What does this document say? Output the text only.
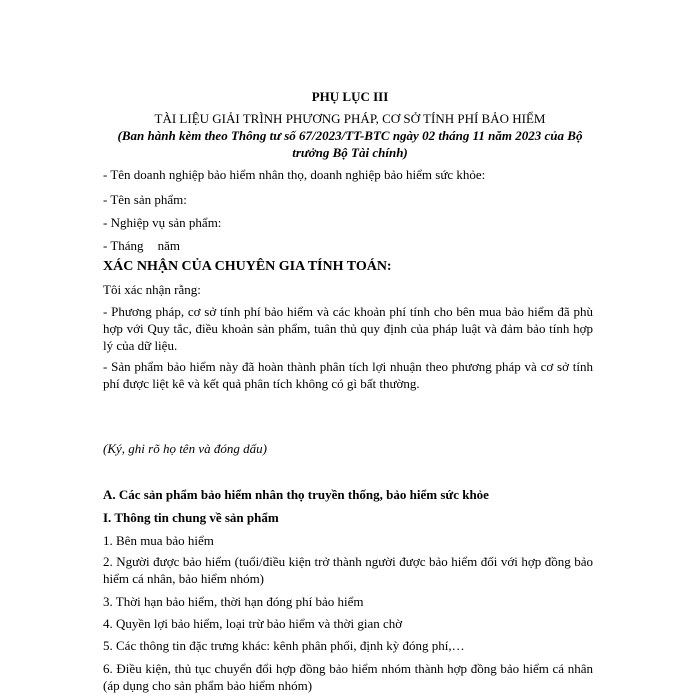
PHỤ LỤC III
TÀI LIỆU GIẢI TRÌNH PHƯƠNG PHÁP, CƠ SỞ TÍNH PHÍ BẢO HIỂM
(Ban hành kèm theo Thông tư số 67/2023/TT-BTC ngày 02 tháng 11 năm 2023 của Bộ trưởng Bộ Tài chính)
- Tên doanh nghiệp bảo hiểm nhân thọ, doanh nghiệp bảo hiểm sức khỏe:
- Tên sản phẩm:
- Nghiệp vụ sản phẩm:
- Tháng năm
XÁC NHẬN CỦA CHUYÊN GIA TÍNH TOÁN:
Tôi xác nhận rằng:
- Phương pháp, cơ sở tính phí bảo hiểm và các khoản phí tính cho bên mua bảo hiểm đã phù hợp với Quy tắc, điều khoản sản phẩm, tuân thủ quy định của pháp luật và đảm bảo tính hợp lý của dữ liệu.
- Sản phẩm bảo hiểm này đã hoàn thành phân tích lợi nhuận theo phương pháp và cơ sở tính phí được liệt kê và kết quả phân tích không có gì bất thường.
(Ký, ghi rõ họ tên và đóng dấu)
A. Các sản phẩm bảo hiểm nhân thọ truyền thống, bảo hiểm sức khỏe
I. Thông tin chung về sản phẩm
1. Bên mua bảo hiểm
2. Người được bảo hiểm (tuổi/điều kiện trở thành người được bảo hiểm đối với hợp đồng bảo hiểm cá nhân, bảo hiểm nhóm)
3. Thời hạn bảo hiểm, thời hạn đóng phí bảo hiểm
4. Quyền lợi bảo hiểm, loại trừ bảo hiểm và thời gian chờ
5. Các thông tin đặc trưng khác: kênh phân phối, định kỳ đóng phí,…
6. Điều kiện, thủ tục chuyển đổi hợp đồng bảo hiểm nhóm thành hợp đồng bảo hiểm cá nhân (áp dụng cho sản phẩm bảo hiểm nhóm)
